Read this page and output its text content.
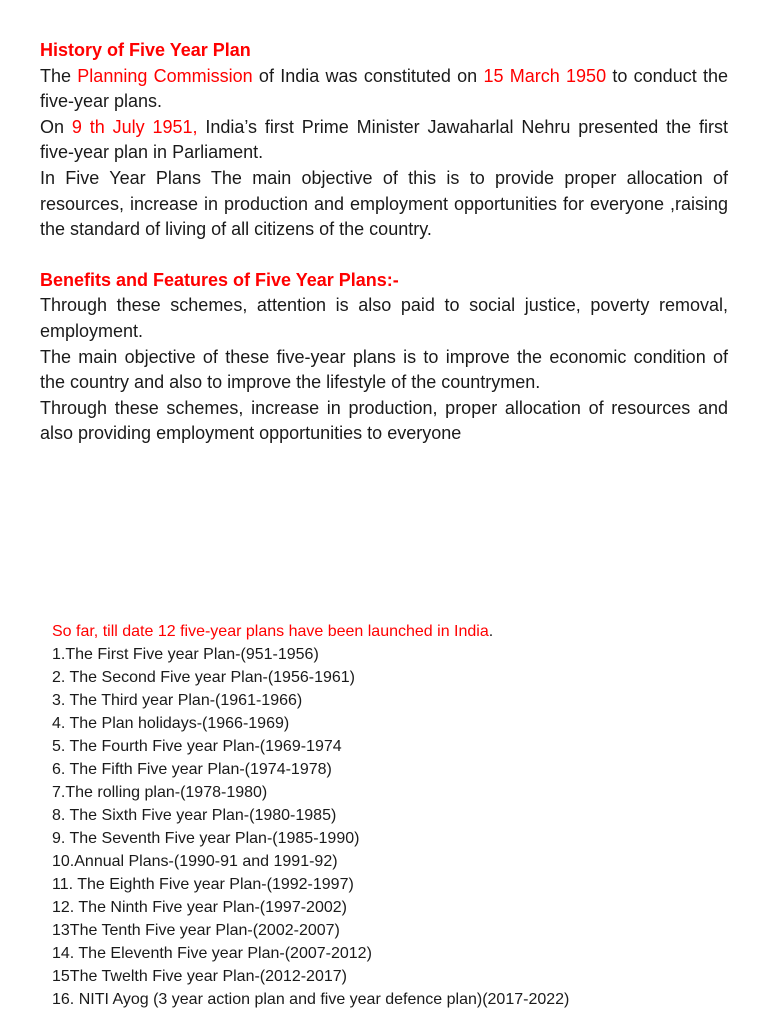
History of Five Year Plan
The Planning Commission of India was constituted on 15 March 1950 to conduct the five-year plans.
On 9 th July 1951, India’s first Prime Minister Jawaharlal Nehru presented the first five-year plan in Parliament.
In Five Year Plans The main objective of this is to provide proper allocation of resources, increase in production and employment opportunities for everyone ,raising the standard of living of all citizens of the country.
Benefits and Features of Five Year Plans:-
Through these schemes, attention is also paid to social justice, poverty removal, employment.
The main objective of these five-year plans is to improve the economic condition of the country and also to improve the lifestyle of the countrymen.
Through these schemes, increase in production, proper allocation of resources and also providing employment opportunities to everyone
So far, till date 12 five-year plans have been launched in India.
1.The First Five year Plan-(951-1956)
2. The Second Five year Plan-(1956-1961)
3. The Third year Plan-(1961-1966)
4. The Plan holidays-(1966-1969)
5. The Fourth Five year Plan-(1969-1974
6. The Fifth Five year Plan-(1974-1978)
7.The rolling plan-(1978-1980)
8. The Sixth Five year Plan-(1980-1985)
9. The Seventh Five year Plan-(1985-1990)
10.Annual Plans-(1990-91 and 1991-92)
11. The Eighth Five year Plan-(1992-1997)
12. The Ninth Five year Plan-(1997-2002)
13The Tenth Five year Plan-(2002-2007)
14. The Eleventh Five year Plan-(2007-2012)
15The Twelth Five year Plan-(2012-2017)
16. NITI Ayog (3 year action plan and five year defence plan)(2017-2022)
